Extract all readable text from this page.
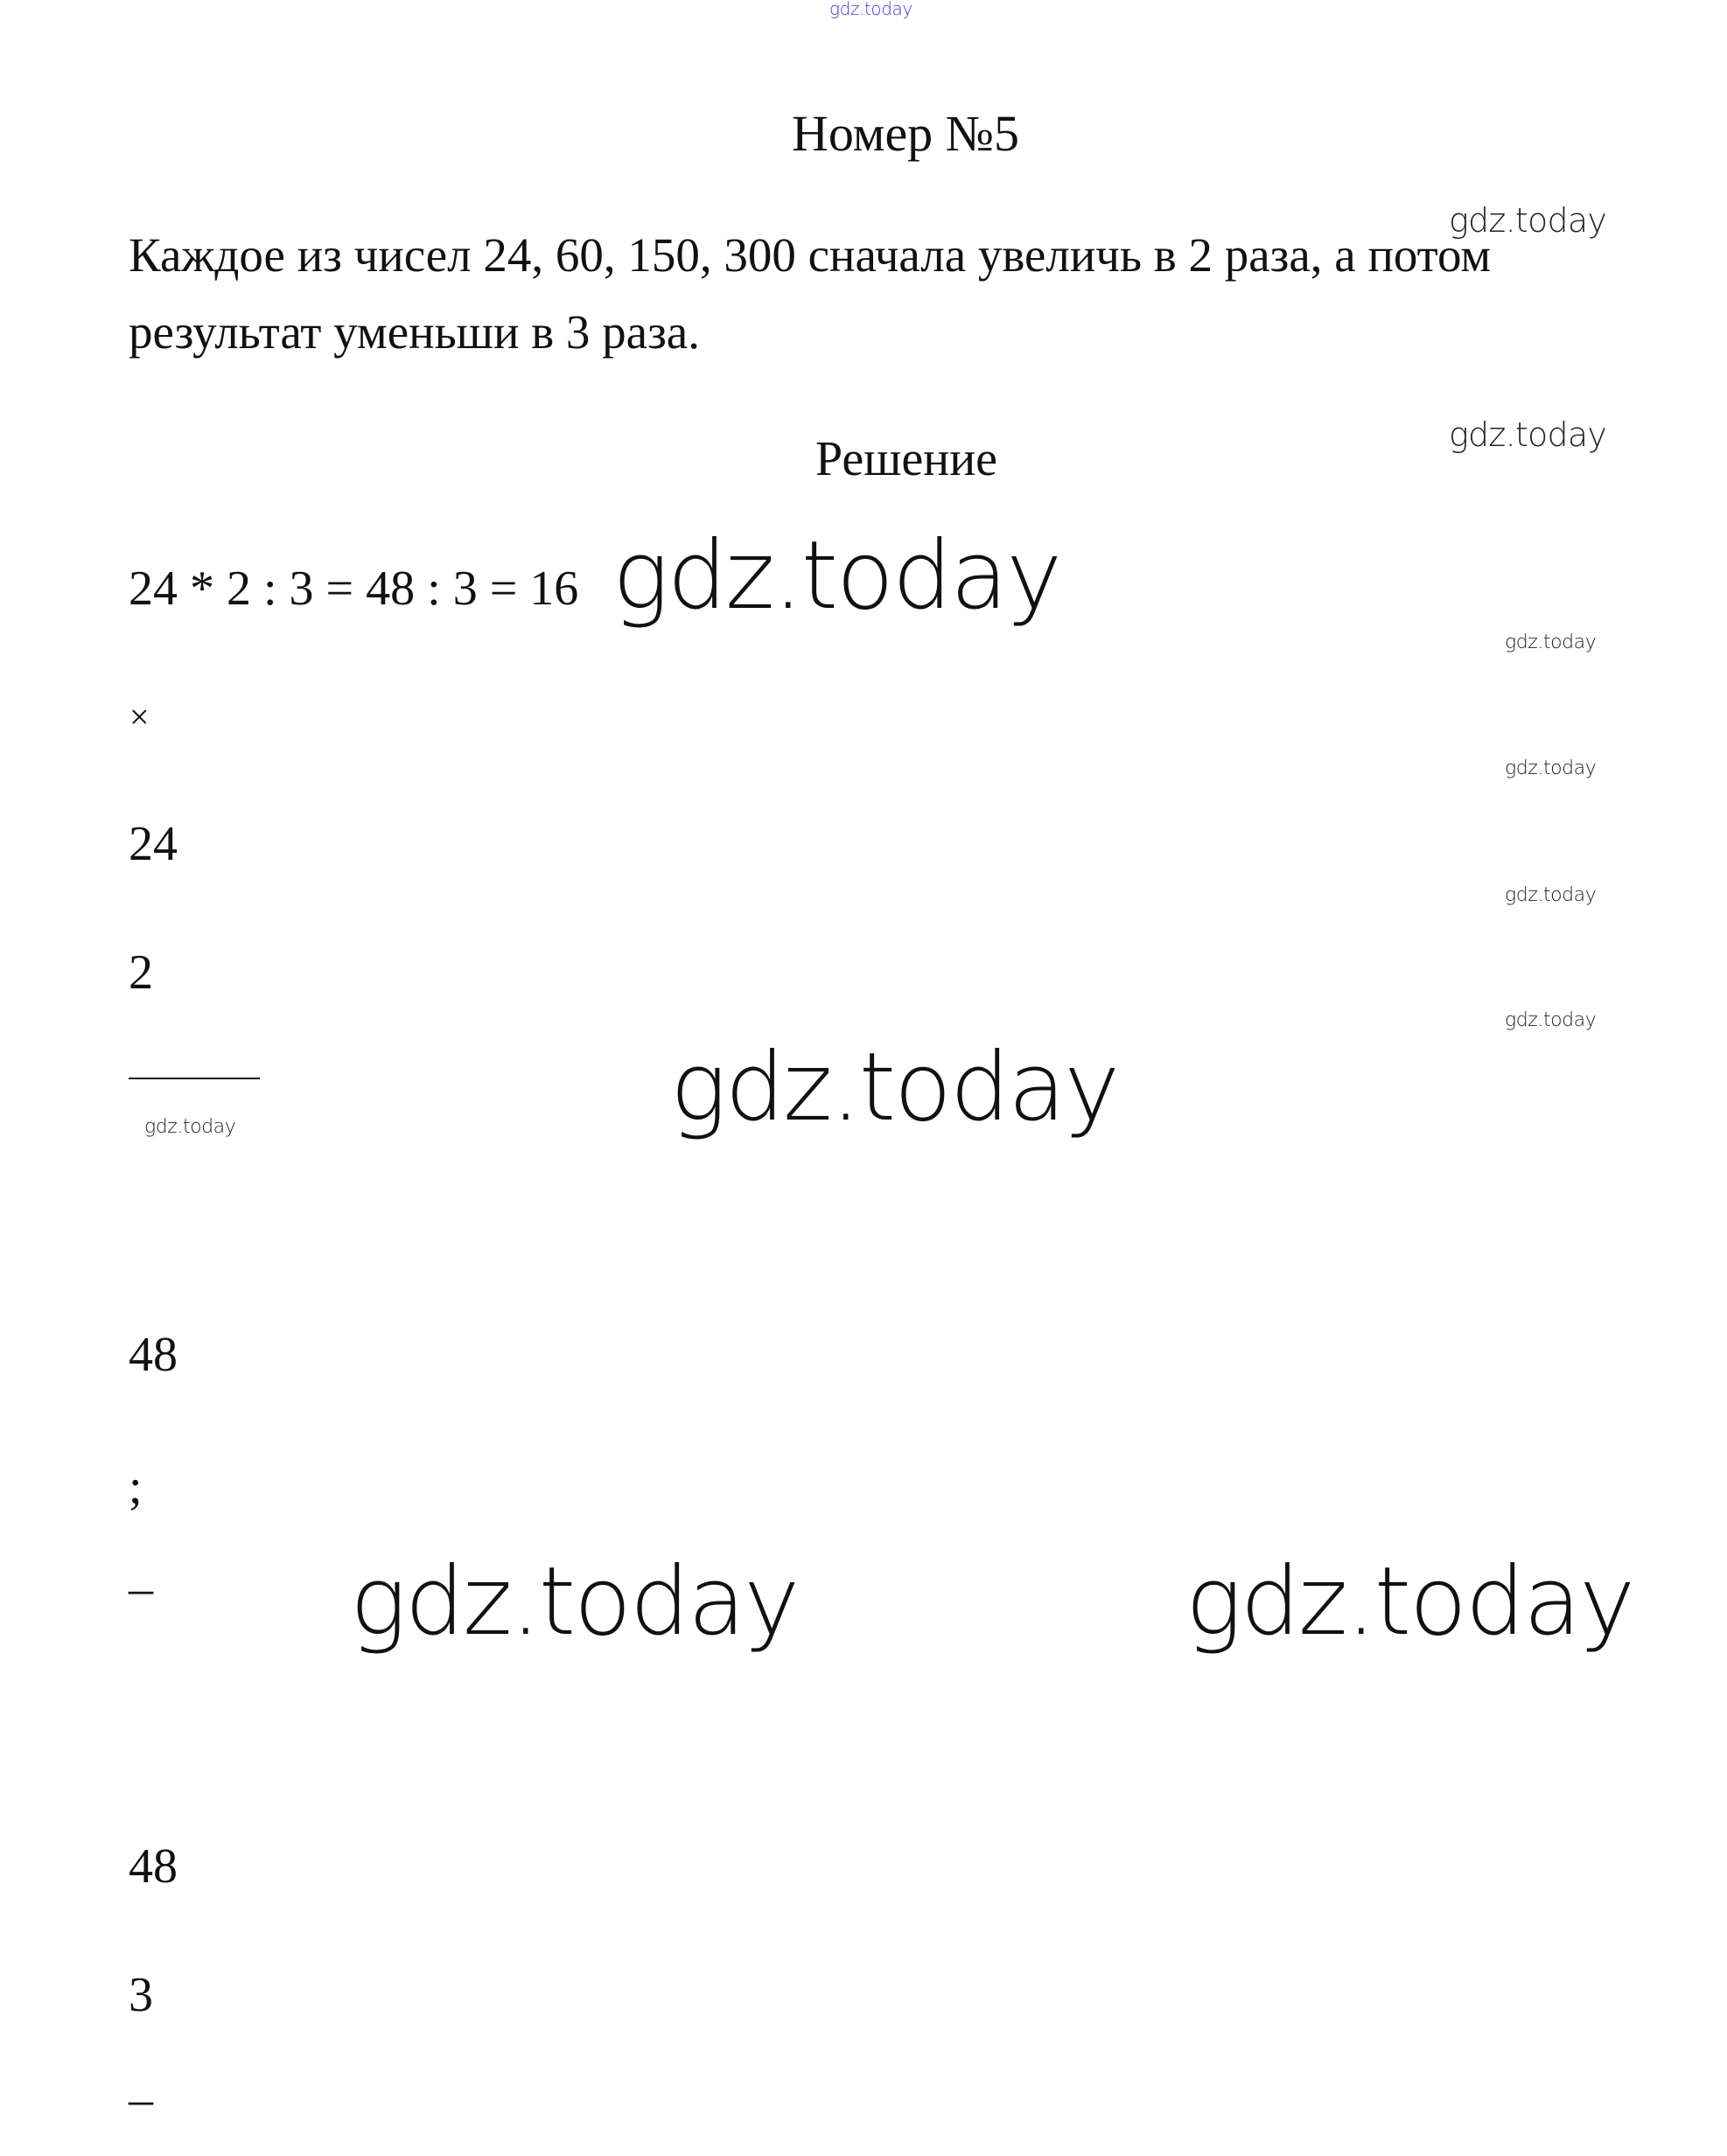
gdz.today
Номер №5
Каждое из чисел 24, 60, 150, 300 сначала увеличь в 2 раза, а потом
результат уменьши в 3 раза.
gdz.today
Решение	gdz.today
24 * 2 : 3 = 48 : 3 = 16 gdz.today
gdz.today
gdz.today
gdz.today
gdz.today
×
24
2
gdz.today	gdz.today
48
;
– gdz.today	gdz.today
48
3
–
